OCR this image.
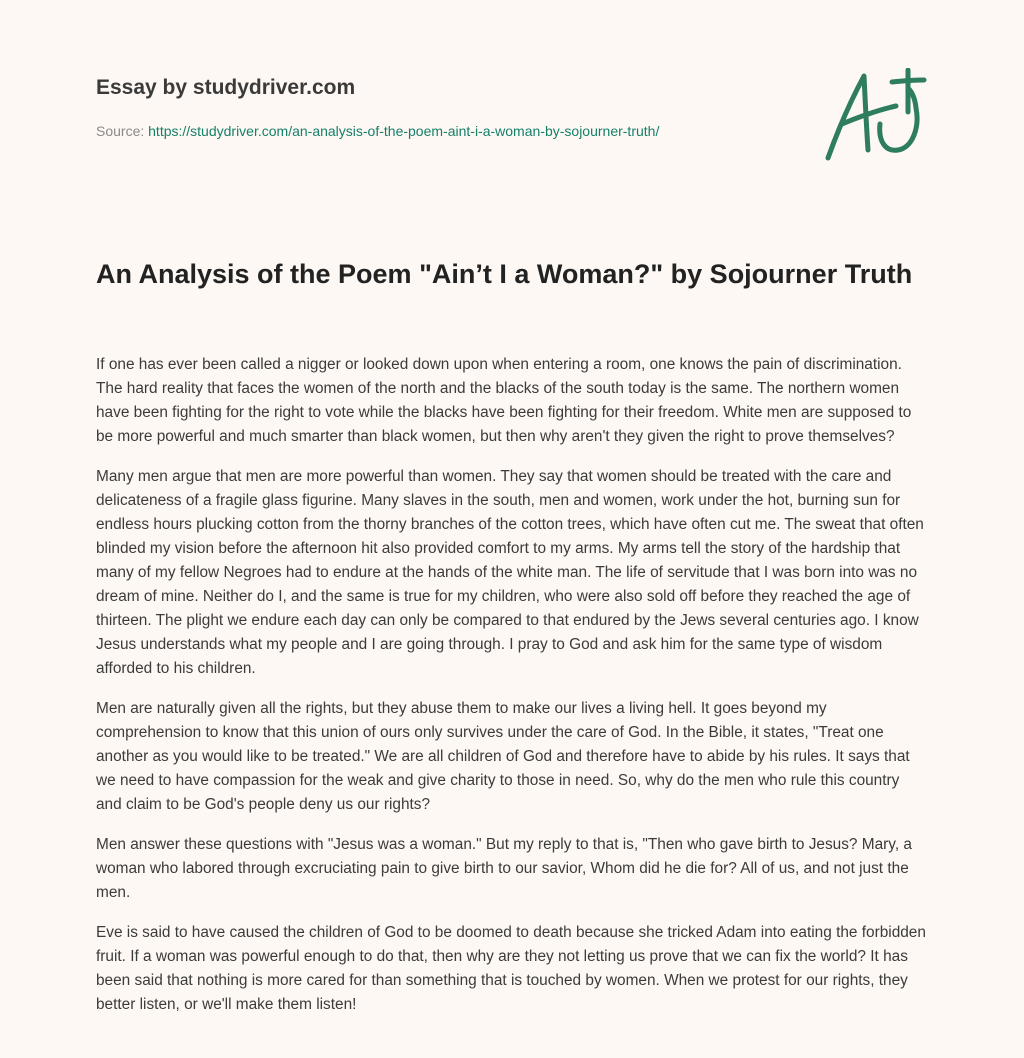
Essay by studydriver.com
Source: https://studydriver.com/an-analysis-of-the-poem-aint-i-a-woman-by-sojourner-truth/
An Analysis of the Poem "Ain’t I a Woman?" by Sojourner Truth

If one has ever been called a nigger or looked down upon when entering a room, one knows the pain of discrimination. The hard reality that faces the women of the north and the blacks of the south today is the same. The northern women have been fighting for the right to vote while the blacks have been fighting for their freedom. White men are supposed to be more powerful and much smarter than black women, but then why aren't they given the right to prove themselves?

Many men argue that men are more powerful than women. They say that women should be treated with the care and delicateness of a fragile glass figurine. Many slaves in the south, men and women, work under the hot, burning sun for endless hours plucking cotton from the thorny branches of the cotton trees, which have often cut me. The sweat that often blinded my vision before the afternoon hit also provided comfort to my arms. My arms tell the story of the hardship that many of my fellow Negroes had to endure at the hands of the white man. The life of servitude that I was born into was no dream of mine. Neither do I, and the same is true for my children, who were also sold off before they reached the age of thirteen. The plight we endure each day can only be compared to that endured by the Jews several centuries ago. I know Jesus understands what my people and I are going through. I pray to God and ask him for the same type of wisdom afforded to his children.

Men are naturally given all the rights, but they abuse them to make our lives a living hell. It goes beyond my comprehension to know that this union of ours only survives under the care of God. In the Bible, it states, "Treat one another as you would like to be treated." We are all children of God and therefore have to abide by his rules. It says that we need to have compassion for the weak and give charity to those in need. So, why do the men who rule this country and claim to be God's people deny us our rights?

Men answer these questions with "Jesus was a woman." But my reply to that is, "Then who gave birth to Jesus? Mary, a woman who labored through excruciating pain to give birth to our savior, Whom did he die for? All of us, and not just the men.

Eve is said to have caused the children of God to be doomed to death because she tricked Adam into eating the forbidden fruit. If a woman was powerful enough to do that, then why are they not letting us prove that we can fix the world? It has been said that nothing is more cared for than something that is touched by women. When we protest for our rights, they better listen, or we'll make them listen!
